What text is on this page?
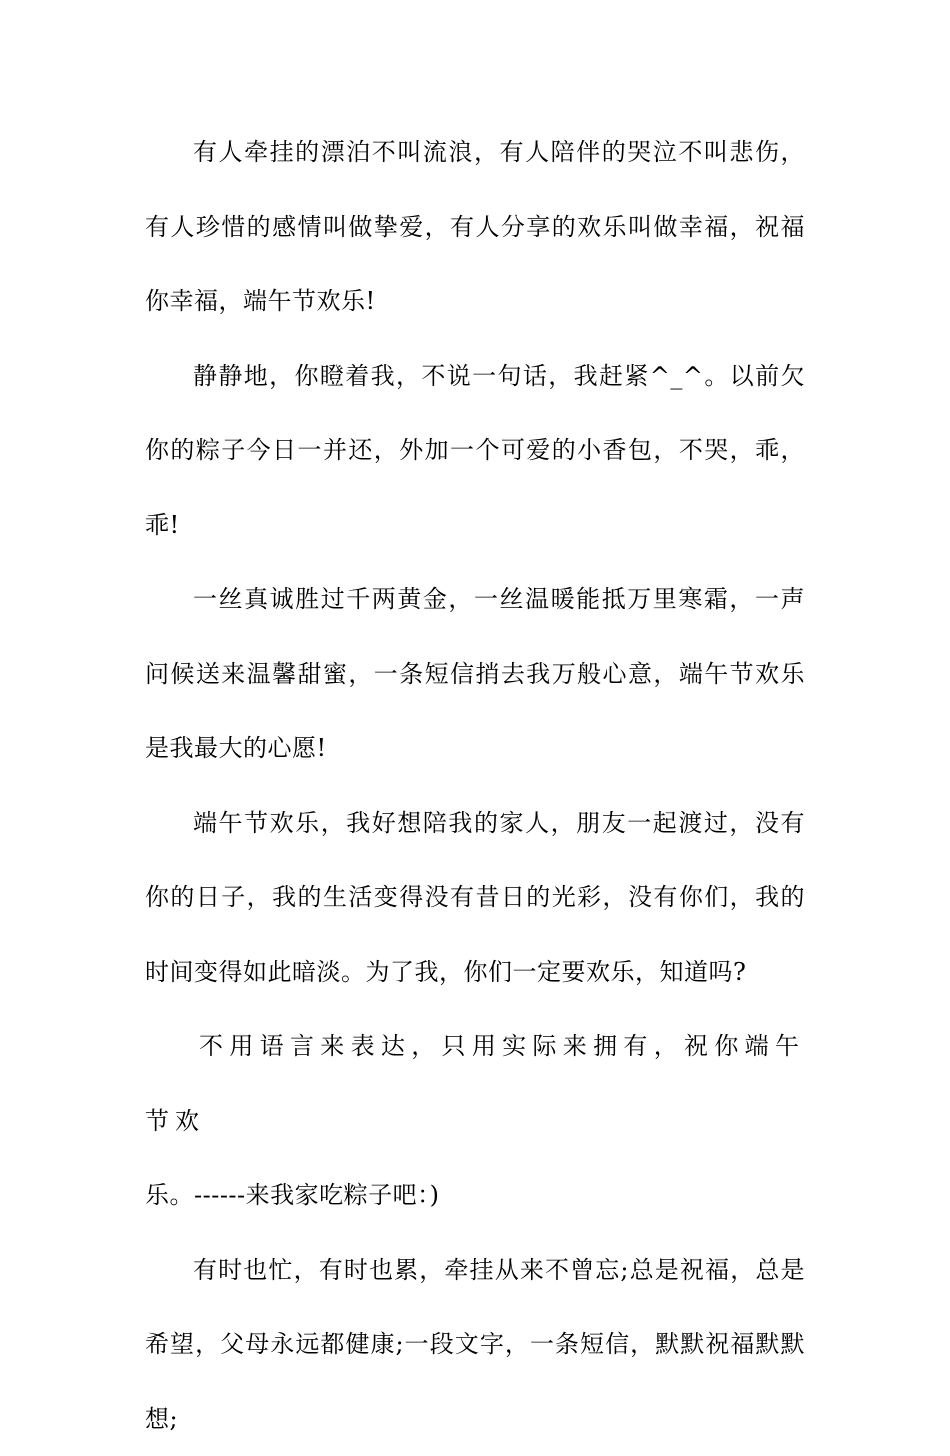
有人牵挂的漂泊不叫流浪，有人陪伴的哭泣不叫悲伤，有人珍惜的感情叫做挚爱，有人分享的欢乐叫做幸福，祝福你幸福，端午节欢乐!

静静地，你瞪着我，不说一句话，我赶紧^_^。以前欠你的粽子今日一并还，外加一个可爱的小香包，不哭，乖，乖!

一丝真诚胜过千两黄金，一丝温暖能抵万里寒霜，一声问候送来温馨甜蜜，一条短信捎去我万般心意，端午节欢乐是我最大的心愿!

端午节欢乐，我好想陪我的家人，朋友一起渡过，没有你的日子，我的生活变得没有昔日的光彩，没有你们，我的时间变得如此暗淡。为了我，你们一定要欢乐，知道吗?

不用语言来表达，只用实际来拥有，祝你端午节欢
乐。------来我家吃粽子吧：)

有时也忙，有时也累，牵挂从来不曾忘;总是祝福，总是希望，父母永远都健康;一段文字，一条短信，默默祝福默默想;
